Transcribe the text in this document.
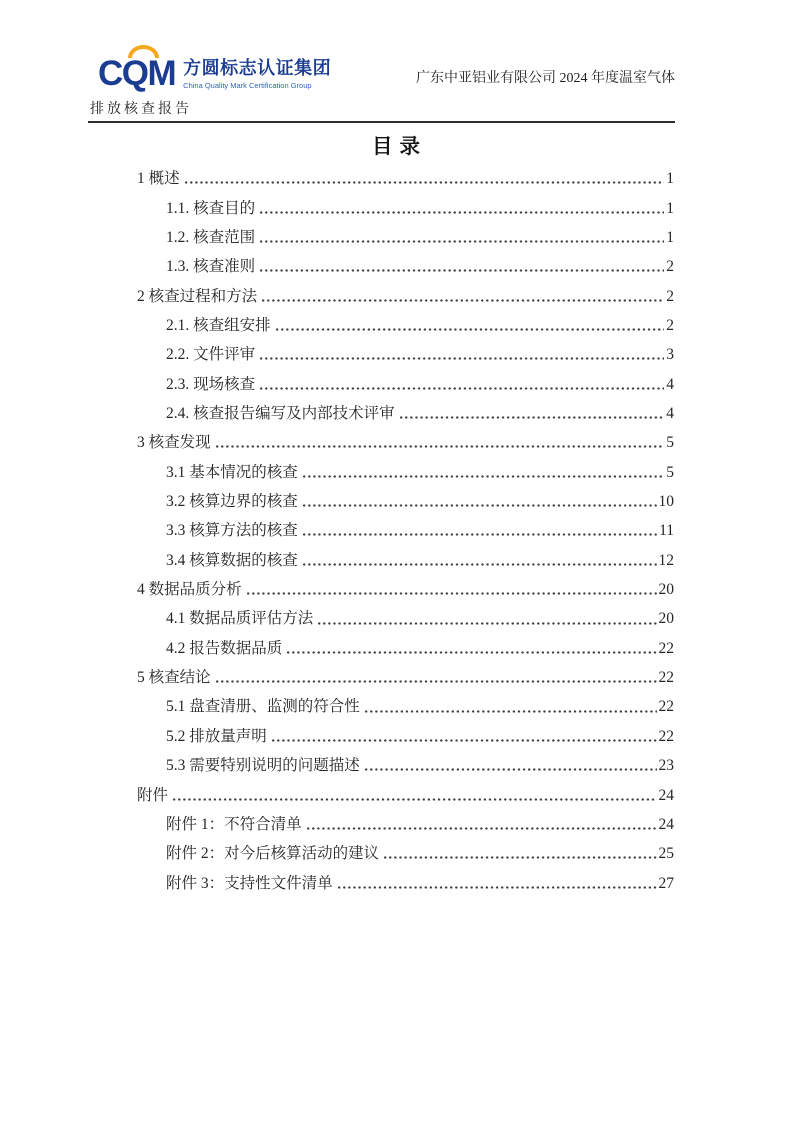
CQM 方圆标志认证集团
China Quality Mark Certification Group	广东中亚铝业有限公司 2024 年度温室气体
排放核查报告
目 录
1 概述	1
1.1. 核查目的	1
1.2. 核查范围	1
1.3. 核查准则	2
2 核查过程和方法	2
2.1. 核查组安排	2
2.2. 文件评审	3
2.3. 现场核查	4
2.4. 核查报告编写及内部技术评审	4
3 核查发现	5
3.1 基本情况的核查	5
3.2 核算边界的核查	10
3.3 核算方法的核查	11
3.4 核算数据的核查	12
4 数据品质分析	20
4.1 数据品质评估方法	20
4.2 报告数据品质	22
5 核查结论	22
5.1 盘查清册、监测的符合性	22
5.2 排放量声明	22
5.3 需要特别说明的问题描述	23
附件	24
附件 1：不符合清单	24
附件 2：对今后核算活动的建议	25
附件 3：支持性文件清单	27
